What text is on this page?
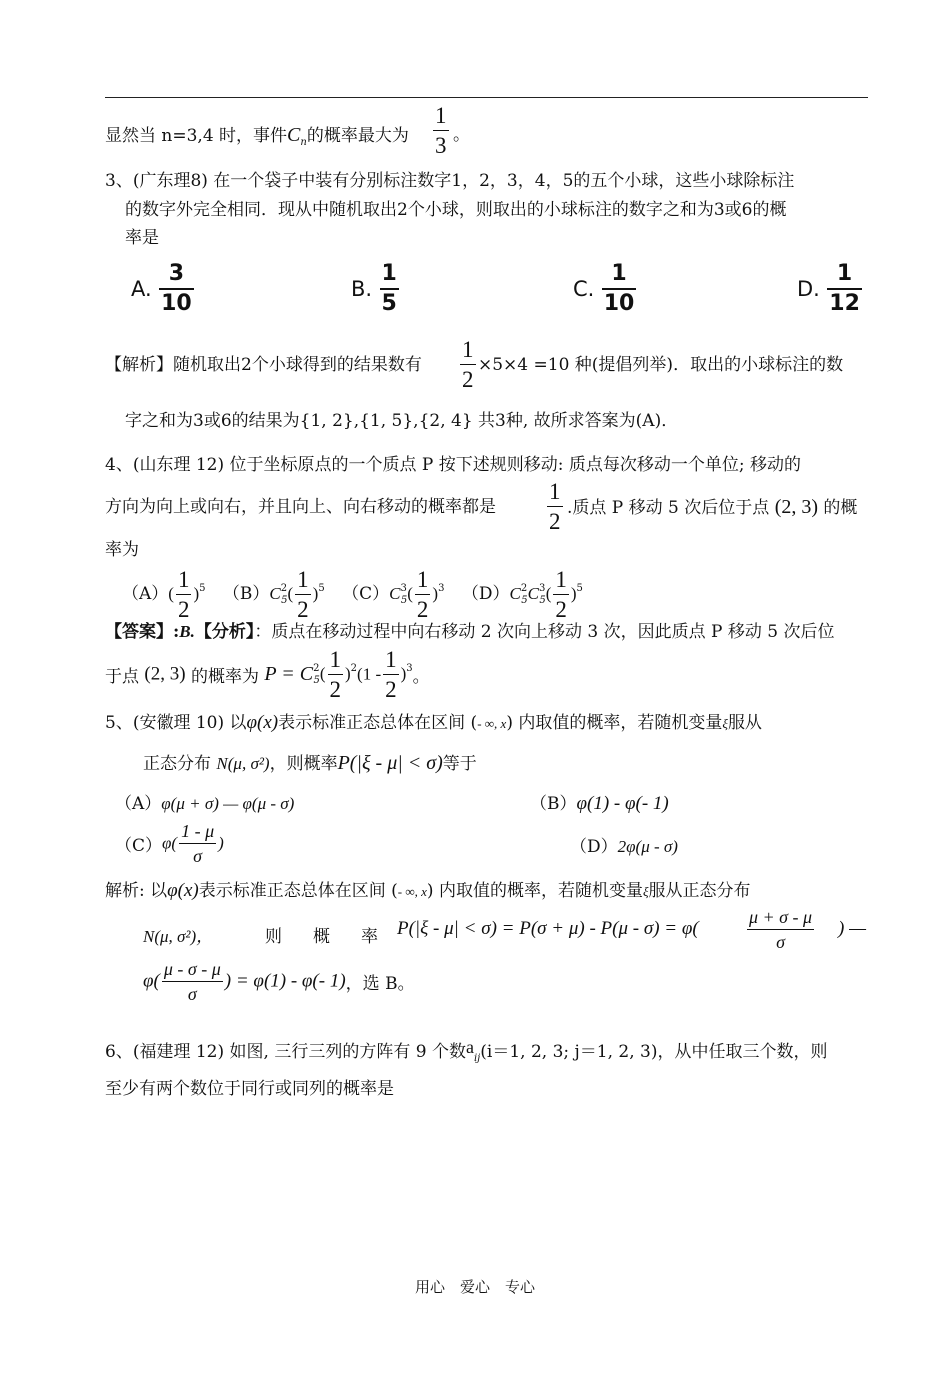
显然当 n=3,4 时，事件$C_n$的概率最大为 $\frac{1}{3}$ 。
3、(广东理8) 在一个袋子中装有分别标注数字1，2，3，4，5的五个小球，这些小球除标注
的数字外完全相同．现从中随机取出2个小球，则取出的小球标注的数字之和为3或6的概
率是
A. $\frac{3}{10}$	B. $\frac{1}{5}$	C. $\frac{1}{10}$	D. $\frac{1}{12}$
【解析】随机取出2个小球得到的结果数有 $\frac{1}{2} \times 5\times 4 =10$ 种(提倡列举)．取出的小球标注的数
字之和为3或6的结果为{1, 2},{1, 5},{2, 4} 共3种, 故所求答案为(A)．
4、(山东理 12) 位于坐标原点的一个质点 P 按下述规则移动: 质点每次移动一个单位; 移动的
方向为向上或向右，并且向上、向右移动的概率都是 $\frac{1}{2}$ .质点 P 移动 5 次后位于点 (2, 3) 的概
率为
$(A)( \frac{1}{2} )^5$ $(B)C^2_5( \frac{1}{2} )^5$ $(C)C^3_5( \frac{1}{2} )^3$ $(D)C^2_5C^3_5( \frac{1}{2} )^5$
【答案】:B.【分析】：质点在移动过程中向右移动 2 次向上移动 3 次，因此质点 P 移动 5 次后位
于点 (2, 3) 的概率为 $P = C^2_5( \frac{1}{2} )^2(1 - \frac{1}{2} )^3$。
5、(安徽理 10) 以φ(x)表示标准正态总体在区间 (- ∞, x) 内取值的概率，若随机变量ξ服从
正态分布 N(μ, σ²)，则概率P(|ξ - μ| < σ)等于
（A）φ(μ + σ) — φ(μ - σ)	（B）φ(1) - φ(- 1)
$(C)\varphi( \frac{1 - \mu}{\sigma}$ )	（D）2φ(μ - σ)
解析: 以φ(x)表示标准正态总体在区间 (- ∞, x) 内取值的概率，若随机变量ξ服从正态分布
N(μ, σ²)，	则 概 率 P(|ξ - μ| < σ) = P(σ + μ) - P(μ - σ) = φ(	$\frac{\mu + \sigma - \mu}{\sigma}$ ) —
$\varphi( \frac{\mu - \sigma - \mu}{\sigma}$ ) = φ(1) - φ(- 1)，选 B。
6、(福建理 12) 如图, 三行三列的方阵有 9 个数$a_{ij}(i=1$, 2, 3; j＝1, 2, 3)，从中任取三个数，则
至少有两个数位于同行或同列的概率是
用心　爱心　专心
